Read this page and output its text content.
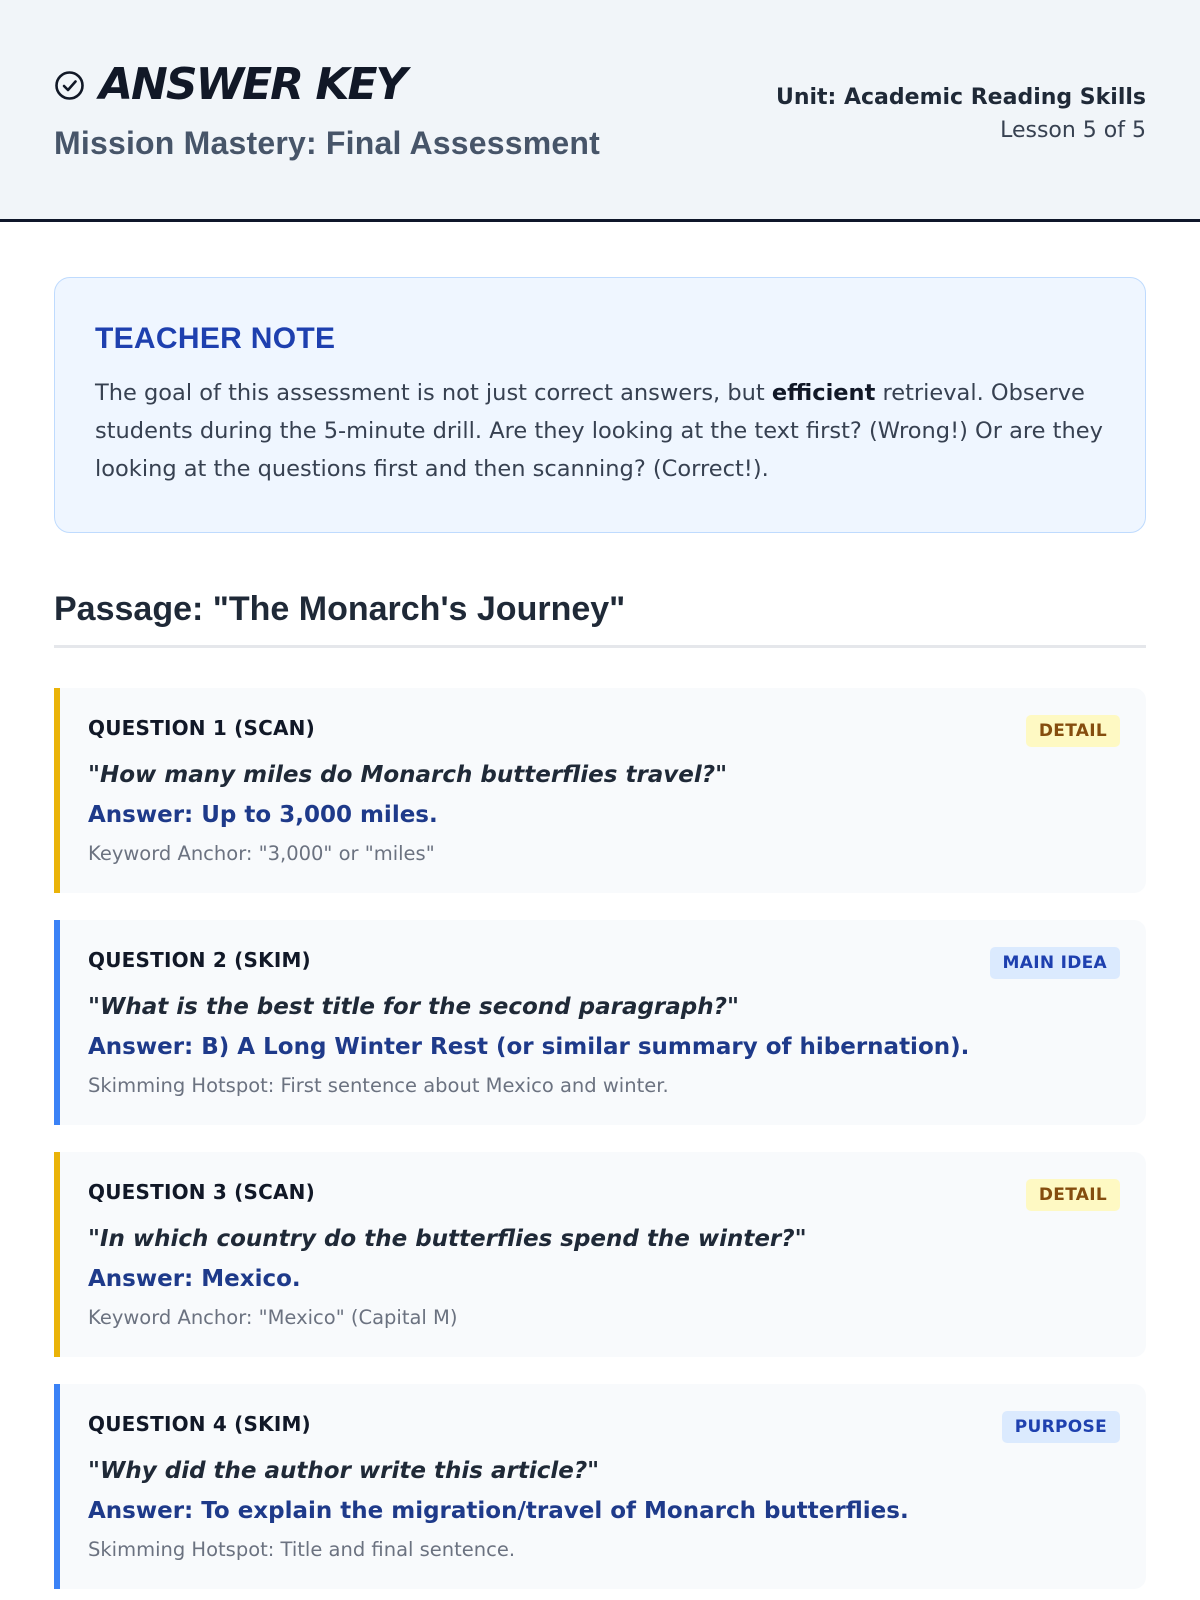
ANSWER KEY
Mission Mastery: Final Assessment
Unit: Academic Reading Skills
Lesson 5 of 5
TEACHER NOTE

The goal of this assessment is not just correct answers, but efficient retrieval. Observe students during the 5-minute drill. Are they looking at the text first? (Wrong!) Or are they looking at the questions first and then scanning? (Correct!).

Passage: "The Monarch's Journey"
QUESTION 1 (SCAN)	DETAIL
"How many miles do Monarch butterflies travel?"
Answer: Up to 3,000 miles.
Keyword Anchor: "3,000" or "miles"
QUESTION 2 (SKIM)	MAIN IDEA
"What is the best title for the second paragraph?"
Answer: B) A Long Winter Rest (or similar summary of hibernation).
Skimming Hotspot: First sentence about Mexico and winter.
QUESTION 3 (SCAN)	DETAIL
"In which country do the butterflies spend the winter?"
Answer: Mexico.
Keyword Anchor: "Mexico" (Capital M)
QUESTION 4 (SKIM)	PURPOSE
"Why did the author write this article?"
Answer: To explain the migration/travel of Monarch butterflies.
Skimming Hotspot: Title and final sentence.
